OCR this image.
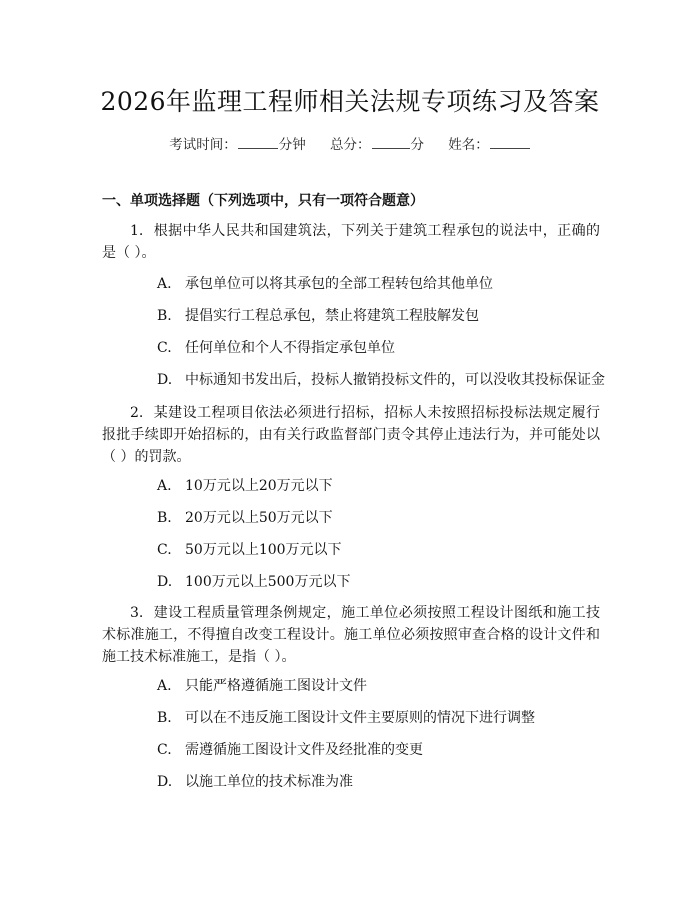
2026年监理工程师相关法规专项练习及答案
考试时间：	分钟 总分：	分 姓名：
一、单项选择题（下列选项中，只有一项符合题意）
1. 根据中华人民共和国建筑法，下列关于建筑工程承包的说法中，正确的是（ ）。
A. 承包单位可以将其承包的全部工程转包给其他单位
B. 提倡实行工程总承包，禁止将建筑工程肢解发包
C. 任何单位和个人不得指定承包单位
D. 中标通知书发出后，投标人撤销投标文件的，可以没收其投标保证金
2. 某建设工程项目依法必须进行招标，招标人未按照招标投标法规定履行报批手续即开始招标的，由有关行政监督部门责令其停止违法行为，并可能处以（ ）的罚款。
A. 10万元以上20万元以下
B. 20万元以上50万元以下
C. 50万元以上100万元以下
D. 100万元以上500万元以下
3. 建设工程质量管理条例规定，施工单位必须按照工程设计图纸和施工技术标准施工，不得擅自改变工程设计。施工单位必须按照审查合格的设计文件和施工技术标准施工，是指（ ）。
A. 只能严格遵循施工图设计文件
B. 可以在不违反施工图设计文件主要原则的情况下进行调整
C. 需遵循施工图设计文件及经批准的变更
D. 以施工单位的技术标准为准
